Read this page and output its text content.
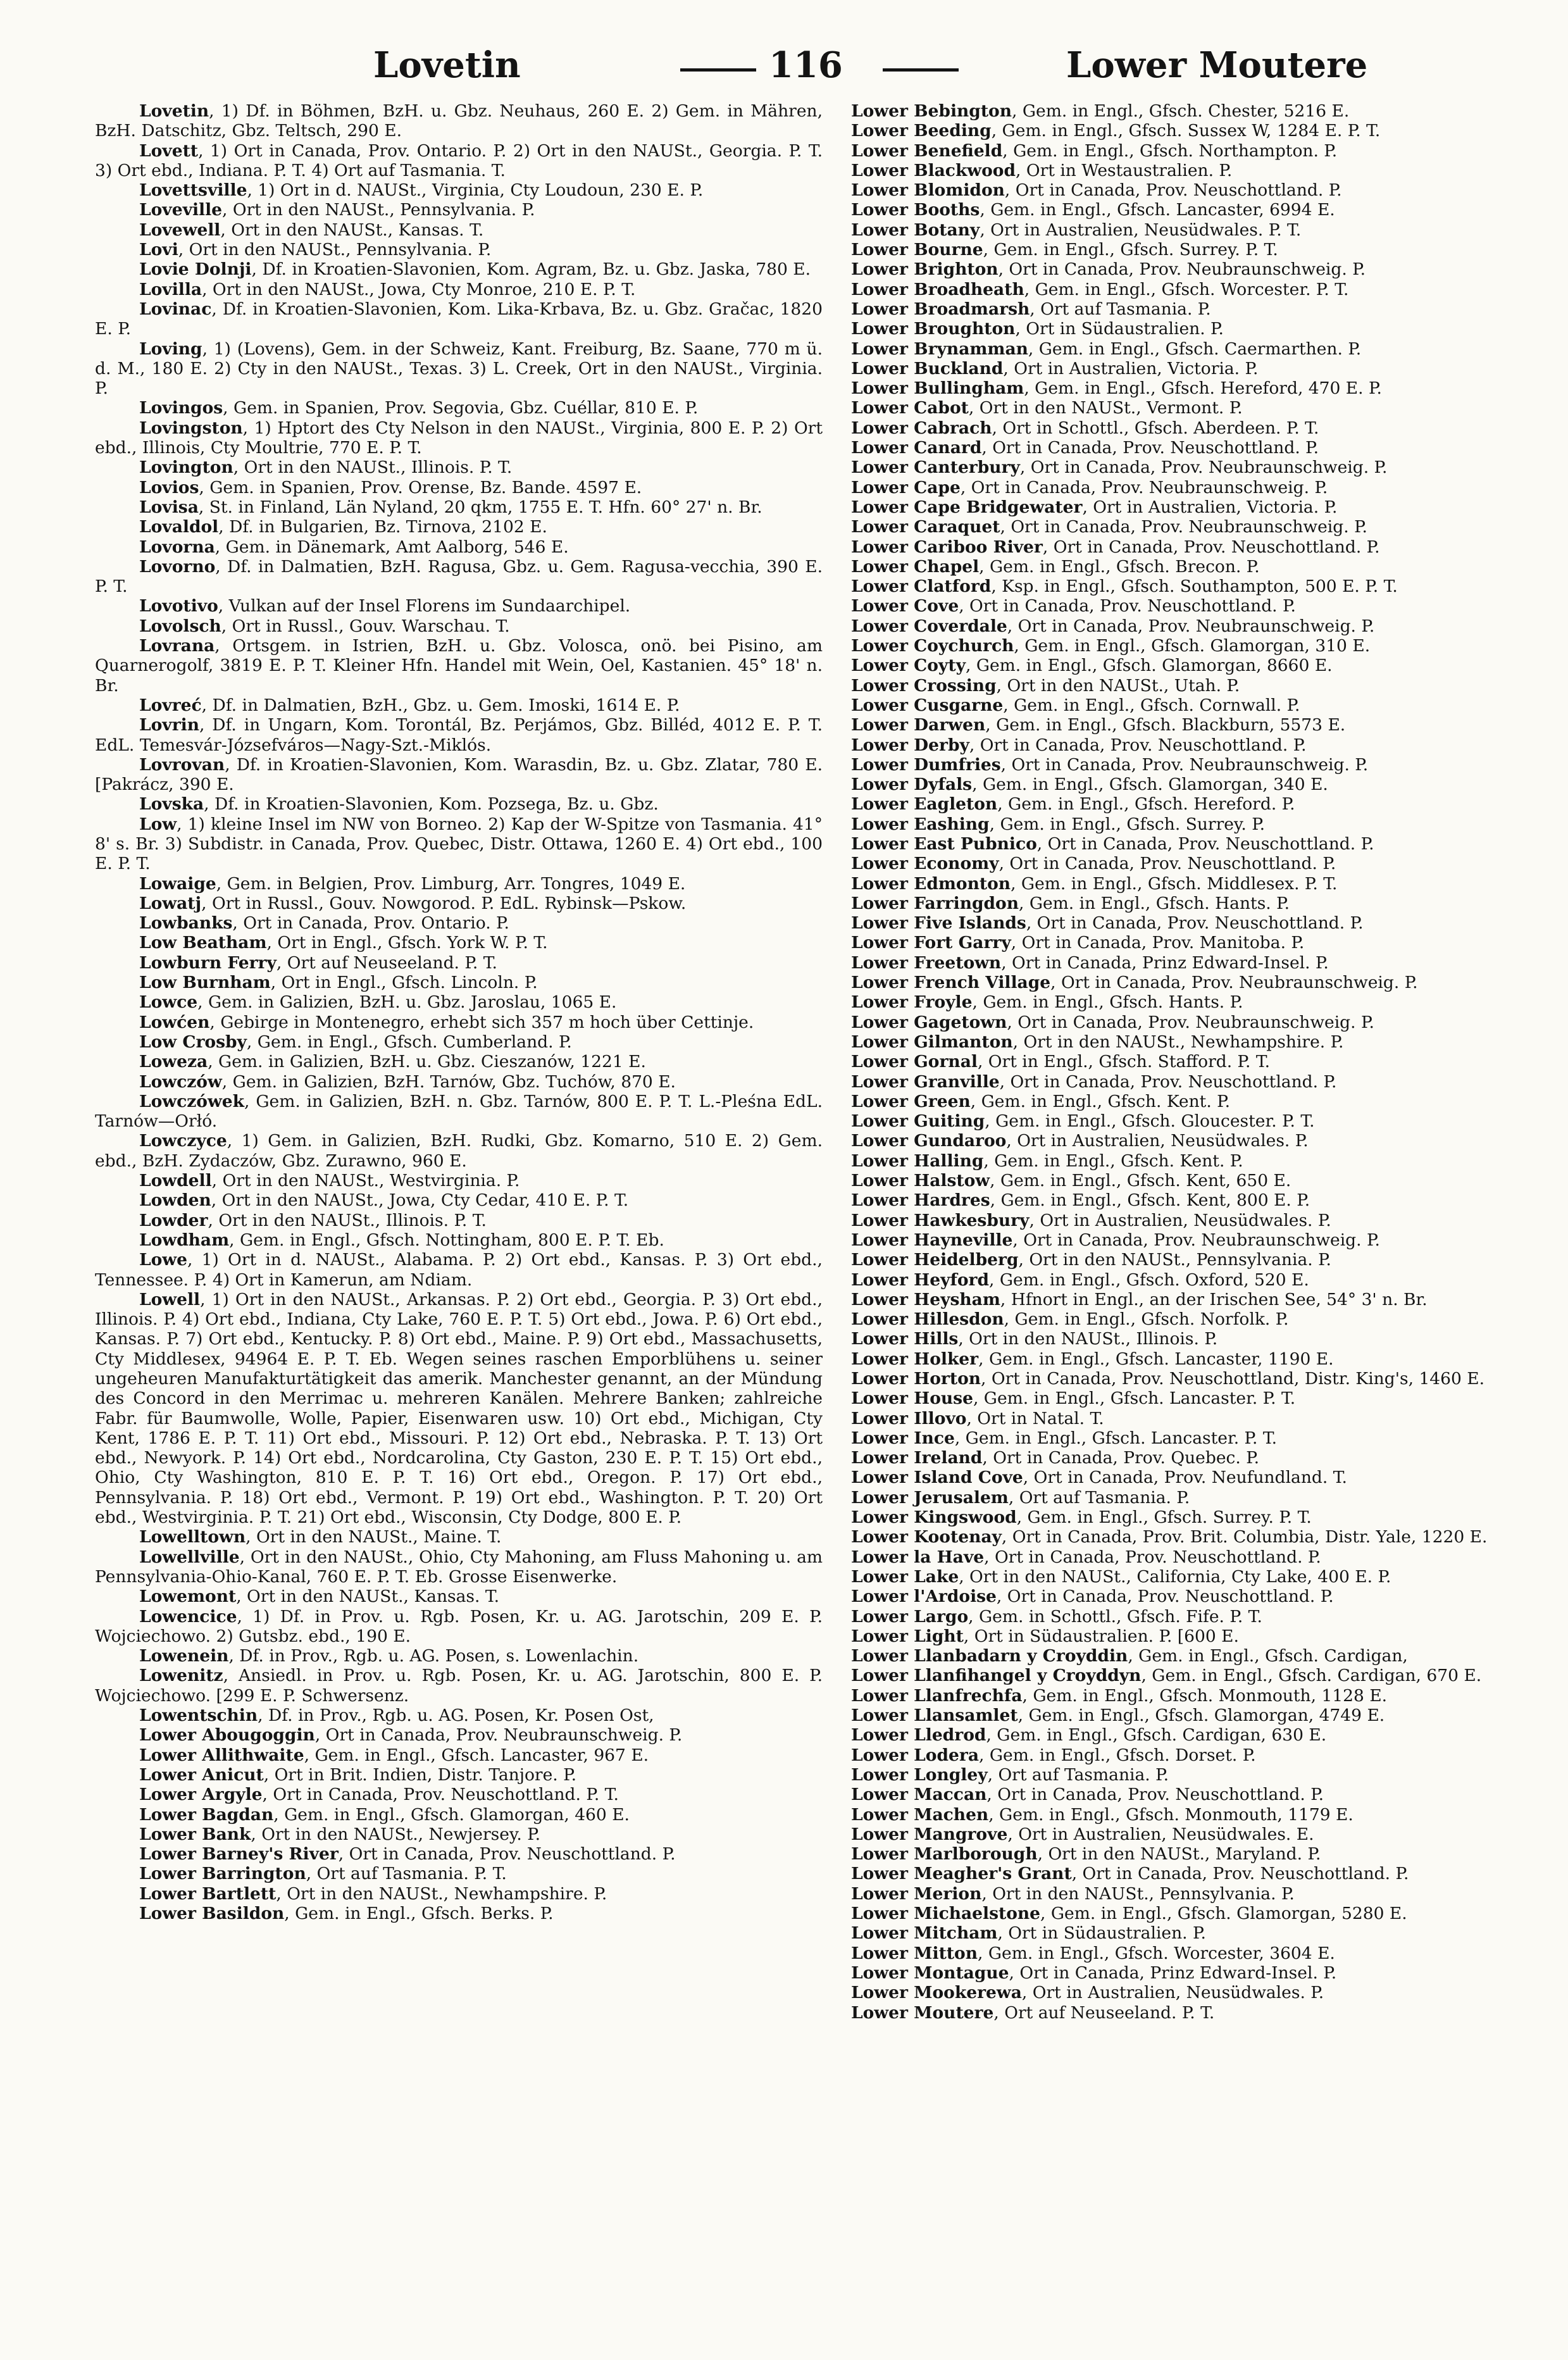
Lovetin	116	Lower Moutere

Lovetin, 1) Df. in Böhmen, BzH. u. Gbz. Neuhaus, 260 E. 2) Gem. in Mähren, BzH. Datschitz, Gbz. Teltsch, 290 E.

Lovett, 1) Ort in Canada, Prov. Ontario. P. 2) Ort in den NAUSt., Georgia. P. T. 3) Ort ebd., Indiana. P. T. 4) Ort auf Tasmania. T.

Lovettsville, 1) Ort in d. NAUSt., Virginia, Cty Loudoun, 230 E. P.

Loveville, Ort in den NAUSt., Pennsylvania. P.

Lovewell, Ort in den NAUSt., Kansas. T.

Lovi, Ort in den NAUSt., Pennsylvania. P.

Lovie Dolnji, Df. in Kroatien-Slavonien, Kom. Agram, Bz. u. Gbz. Jaska, 780 E.

Lovilla, Ort in den NAUSt., Jowa, Cty Monroe, 210 E. P. T.

Lovinac, Df. in Kroatien-Slavonien, Kom. Lika-Krbava, Bz. u. Gbz. Gračac, 1820 E. P.

Loving, 1) (Lovens), Gem. in der Schweiz, Kant. Freiburg, Bz. Saane, 770 m ü. d. M., 180 E. 2) Cty in den NAUSt., Texas. 3) L. Creek, Ort in den NAUSt., Virginia. P.

Lovingos, Gem. in Spanien, Prov. Segovia, Gbz. Cuéllar, 810 E. P.

Lovingston, 1) Hptort des Cty Nelson in den NAUSt., Virginia, 800 E. P. 2) Ort ebd., Illinois, Cty Moultrie, 770 E. P. T.

Lovington, Ort in den NAUSt., Illinois. P. T.

Lovios, Gem. in Spanien, Prov. Orense, Bz. Bande. 4597 E.

Lovisa, St. in Finland, Län Nyland, 20 qkm, 1755 E. T. Hfn. 60° 27' n. Br.

Lovaldol, Df. in Bulgarien, Bz. Tirnova, 2102 E.

Lovorna, Gem. in Dänemark, Amt Aalborg, 546 E.

Lovorno, Df. in Dalmatien, BzH. Ragusa, Gbz. u. Gem. Ragusa-vecchia, 390 E. P. T.

Lovotivo, Vulkan auf der Insel Florens im Sundaarchipel.

Lovolsch, Ort in Russl., Gouv. Warschau. T.

Lovrana, Ortsgem. in Istrien, BzH. u. Gbz. Volosca, onö. bei Pisino, am Quarnerogolf, 3819 E. P. T. Kleiner Hfn. Handel mit Wein, Oel, Kastanien. 45° 18' n. Br.

Lovreć, Df. in Dalmatien, BzH., Gbz. u. Gem. Imoski, 1614 E. P.

Lovrin, Df. in Ungarn, Kom. Torontál, Bz. Perjámos, Gbz. Billéd, 4012 E. P. T. EdL. Temesvár-Józsefváros—Nagy-Szt.-Miklós.

Lovrovan, Df. in Kroatien-Slavonien, Kom. Warasdin, Bz. u. Gbz. Zlatar, 780 E. [Pakrácz, 390 E.

Lovska, Df. in Kroatien-Slavonien, Kom. Pozsega, Bz. u. Gbz.

Low, 1) kleine Insel im NW von Borneo. 2) Kap der W-Spitze von Tasmania. 41° 8' s. Br. 3) Subdistr. in Canada, Prov. Quebec, Distr. Ottawa, 1260 E. 4) Ort ebd., 100 E. P. T.

Lowaige, Gem. in Belgien, Prov. Limburg, Arr. Tongres, 1049 E.

Lowatj, Ort in Russl., Gouv. Nowgorod. P. EdL. Rybinsk—Pskow.

Lowbanks, Ort in Canada, Prov. Ontario. P.

Low Beatham, Ort in Engl., Gfsch. York W. P. T.

Lowburn Ferry, Ort auf Neuseeland. P. T.

Low Burnham, Ort in Engl., Gfsch. Lincoln. P.

Lowce, Gem. in Galizien, BzH. u. Gbz. Jaroslau, 1065 E.

Lowćen, Gebirge in Montenegro, erhebt sich 357 m hoch über Cettinje.

Low Crosby, Gem. in Engl., Gfsch. Cumberland. P.

Loweza, Gem. in Galizien, BzH. u. Gbz. Cieszanów, 1221 E.

Lowczów, Gem. in Galizien, BzH. Tarnów, Gbz. Tuchów, 870 E.

Lowczówek, Gem. in Galizien, BzH. n. Gbz. Tarnów, 800 E. P. T. L.-Pleśna EdL. Tarnów—Orłó.

Lowczyce, 1) Gem. in Galizien, BzH. Rudki, Gbz. Komarno, 510 E. 2) Gem. ebd., BzH. Zydaczów, Gbz. Zurawno, 960 E.

Lowdell, Ort in den NAUSt., Westvirginia. P.

Lowden, Ort in den NAUSt., Jowa, Cty Cedar, 410 E. P. T.

Lowder, Ort in den NAUSt., Illinois. P. T.

Lowdham, Gem. in Engl., Gfsch. Nottingham, 800 E. P. T. Eb.

Lowe, 1) Ort in d. NAUSt., Alabama. P. 2) Ort ebd., Kansas. P. 3) Ort ebd., Tennessee. P. 4) Ort in Kamerun, am Ndiam.

Lowell, 1) Ort in den NAUSt., Arkansas. P. 2) Ort ebd., Georgia. P. 3) Ort ebd., Illinois. P. 4) Ort ebd., Indiana, Cty Lake, 760 E. P. T. 5) Ort ebd., Jowa. P. 6) Ort ebd., Kansas. P. 7) Ort ebd., Kentucky. P. 8) Ort ebd., Maine. P. 9) Ort ebd., Massachusetts, Cty Middlesex, 94964 E. P. T. Eb. Wegen seines raschen Emporblühens u. seiner ungeheuren Manufakturtätigkeit das amerik. Manchester genannt, an der Mündung des Concord in den Merrimac u. mehreren Kanälen. Mehrere Banken; zahlreiche Fabr. für Baumwolle, Wolle, Papier, Eisenwaren usw. 10) Ort ebd., Michigan, Cty Kent, 1786 E. P. T. 11) Ort ebd., Missouri. P. 12) Ort ebd., Nebraska. P. T. 13) Ort ebd., Newyork. P. 14) Ort ebd., Nordcarolina, Cty Gaston, 230 E. P. T. 15) Ort ebd., Ohio, Cty Washington, 810 E. P. T. 16) Ort ebd., Oregon. P. 17) Ort ebd., Pennsylvania. P. 18) Ort ebd., Vermont. P. 19) Ort ebd., Washington. P. T. 20) Ort ebd., Westvirginia. P. T. 21) Ort ebd., Wisconsin, Cty Dodge, 800 E. P.

Lowelltown, Ort in den NAUSt., Maine. T.

Lowellville, Ort in den NAUSt., Ohio, Cty Mahoning, am Fluss Mahoning u. am Pennsylvania-Ohio-Kanal, 760 E. P. T. Eb. Grosse Eisenwerke.

Lowemont, Ort in den NAUSt., Kansas. T.

Lowencice, 1) Df. in Prov. u. Rgb. Posen, Kr. u. AG. Jarotschin, 209 E. P. Wojciechowo. 2) Gutsbz. ebd., 190 E.

Lowenein, Df. in Prov., Rgb. u. AG. Posen, s. Lowenlachin.

Lowenitz, Ansiedl. in Prov. u. Rgb. Posen, Kr. u. AG. Jarotschin, 800 E. P. Wojciechowo. [299 E. P. Schwersenz.

Lowentschin, Df. in Prov., Rgb. u. AG. Posen, Kr. Posen Ost,

Lower Abougoggin, Ort in Canada, Prov. Neubraunschweig. P.

Lower Allithwaite, Gem. in Engl., Gfsch. Lancaster, 967 E.

Lower Anicut, Ort in Brit. Indien, Distr. Tanjore. P.

Lower Argyle, Ort in Canada, Prov. Neuschottland. P. T.

Lower Bagdan, Gem. in Engl., Gfsch. Glamorgan, 460 E.

Lower Bank, Ort in den NAUSt., Newjersey. P.

Lower Barney's River, Ort in Canada, Prov. Neuschottland. P.

Lower Barrington, Ort auf Tasmania. P. T.

Lower Bartlett, Ort in den NAUSt., Newhampshire. P.

Lower Basildon, Gem. in Engl., Gfsch. Berks. P.

Lower Bebington, Gem. in Engl., Gfsch. Chester, 5216 E.

Lower Beeding, Gem. in Engl., Gfsch. Sussex W, 1284 E. P. T.

Lower Benefield, Gem. in Engl., Gfsch. Northampton. P.

Lower Blackwood, Ort in Westaustralien. P.

Lower Blomidon, Ort in Canada, Prov. Neuschottland. P.

Lower Booths, Gem. in Engl., Gfsch. Lancaster, 6994 E.

Lower Botany, Ort in Australien, Neusüdwales. P. T.

Lower Bourne, Gem. in Engl., Gfsch. Surrey. P. T.

Lower Brighton, Ort in Canada, Prov. Neubraunschweig. P.

Lower Broadheath, Gem. in Engl., Gfsch. Worcester. P. T.

Lower Broadmarsh, Ort auf Tasmania. P.

Lower Broughton, Ort in Südaustralien. P.

Lower Brynamman, Gem. in Engl., Gfsch. Caermarthen. P.

Lower Buckland, Ort in Australien, Victoria. P.

Lower Bullingham, Gem. in Engl., Gfsch. Hereford, 470 E. P.

Lower Cabot, Ort in den NAUSt., Vermont. P.

Lower Cabrach, Ort in Schottl., Gfsch. Aberdeen. P. T.

Lower Canard, Ort in Canada, Prov. Neuschottland. P.

Lower Canterbury, Ort in Canada, Prov. Neubraunschweig. P.

Lower Cape, Ort in Canada, Prov. Neubraunschweig. P.

Lower Cape Bridgewater, Ort in Australien, Victoria. P.

Lower Caraquet, Ort in Canada, Prov. Neubraunschweig. P.

Lower Cariboo River, Ort in Canada, Prov. Neuschottland. P.

Lower Chapel, Gem. in Engl., Gfsch. Brecon. P.

Lower Clatford, Ksp. in Engl., Gfsch. Southampton, 500 E. P. T.

Lower Cove, Ort in Canada, Prov. Neuschottland. P.

Lower Coverdale, Ort in Canada, Prov. Neubraunschweig. P.

Lower Coychurch, Gem. in Engl., Gfsch. Glamorgan, 310 E.

Lower Coyty, Gem. in Engl., Gfsch. Glamorgan, 8660 E.

Lower Crossing, Ort in den NAUSt., Utah. P.

Lower Cusgarne, Gem. in Engl., Gfsch. Cornwall. P.

Lower Darwen, Gem. in Engl., Gfsch. Blackburn, 5573 E.

Lower Derby, Ort in Canada, Prov. Neuschottland. P.

Lower Dumfries, Ort in Canada, Prov. Neubraunschweig. P.

Lower Dyfals, Gem. in Engl., Gfsch. Glamorgan, 340 E.

Lower Eagleton, Gem. in Engl., Gfsch. Hereford. P.

Lower Eashing, Gem. in Engl., Gfsch. Surrey. P.

Lower East Pubnico, Ort in Canada, Prov. Neuschottland. P.

Lower Economy, Ort in Canada, Prov. Neuschottland. P.

Lower Edmonton, Gem. in Engl., Gfsch. Middlesex. P. T.

Lower Farringdon, Gem. in Engl., Gfsch. Hants. P.

Lower Five Islands, Ort in Canada, Prov. Neuschottland. P.

Lower Fort Garry, Ort in Canada, Prov. Manitoba. P.

Lower Freetown, Ort in Canada, Prinz Edward-Insel. P.

Lower French Village, Ort in Canada, Prov. Neubraunschweig. P.

Lower Froyle, Gem. in Engl., Gfsch. Hants. P.

Lower Gagetown, Ort in Canada, Prov. Neubraunschweig. P.

Lower Gilmanton, Ort in den NAUSt., Newhampshire. P.

Lower Gornal, Ort in Engl., Gfsch. Stafford. P. T.

Lower Granville, Ort in Canada, Prov. Neuschottland. P.

Lower Green, Gem. in Engl., Gfsch. Kent. P.

Lower Guiting, Gem. in Engl., Gfsch. Gloucester. P. T.

Lower Gundaroo, Ort in Australien, Neusüdwales. P.

Lower Halling, Gem. in Engl., Gfsch. Kent. P.

Lower Halstow, Gem. in Engl., Gfsch. Kent, 650 E.

Lower Hardres, Gem. in Engl., Gfsch. Kent, 800 E. P.

Lower Hawkesbury, Ort in Australien, Neusüdwales. P.

Lower Hayneville, Ort in Canada, Prov. Neubraunschweig. P.

Lower Heidelberg, Ort in den NAUSt., Pennsylvania. P.

Lower Heyford, Gem. in Engl., Gfsch. Oxford, 520 E.

Lower Heysham, Hfnort in Engl., an der Irischen See, 54° 3' n. Br.

Lower Hillesdon, Gem. in Engl., Gfsch. Norfolk. P.

Lower Hills, Ort in den NAUSt., Illinois. P.

Lower Holker, Gem. in Engl., Gfsch. Lancaster, 1190 E.

Lower Horton, Ort in Canada, Prov. Neuschottland, Distr. King's, 1460 E.

Lower House, Gem. in Engl., Gfsch. Lancaster. P. T.

Lower Illovo, Ort in Natal. T.

Lower Ince, Gem. in Engl., Gfsch. Lancaster. P. T.

Lower Ireland, Ort in Canada, Prov. Quebec. P.

Lower Island Cove, Ort in Canada, Prov. Neufundland. T.

Lower Jerusalem, Ort auf Tasmania. P.

Lower Kingswood, Gem. in Engl., Gfsch. Surrey. P. T.

Lower Kootenay, Ort in Canada, Prov. Brit. Columbia, Distr. Yale, 1220 E.

Lower la Have, Ort in Canada, Prov. Neuschottland. P.

Lower Lake, Ort in den NAUSt., California, Cty Lake, 400 E. P.

Lower l'Ardoise, Ort in Canada, Prov. Neuschottland. P.

Lower Largo, Gem. in Schottl., Gfsch. Fife. P. T.

Lower Light, Ort in Südaustralien. P. [600 E.

Lower Llanbadarn y Croyddin, Gem. in Engl., Gfsch. Cardigan,

Lower Llanfihangel y Croyddyn, Gem. in Engl., Gfsch. Cardigan, 670 E.

Lower Llanfrechfa, Gem. in Engl., Gfsch. Monmouth, 1128 E.

Lower Llansamlet, Gem. in Engl., Gfsch. Glamorgan, 4749 E.

Lower Lledrod, Gem. in Engl., Gfsch. Cardigan, 630 E.

Lower Lodera, Gem. in Engl., Gfsch. Dorset. P.

Lower Longley, Ort auf Tasmania. P.

Lower Maccan, Ort in Canada, Prov. Neuschottland. P.

Lower Machen, Gem. in Engl., Gfsch. Monmouth, 1179 E.

Lower Mangrove, Ort in Australien, Neusüdwales. E.

Lower Marlborough, Ort in den NAUSt., Maryland. P.

Lower Meagher's Grant, Ort in Canada, Prov. Neuschottland. P.

Lower Merion, Ort in den NAUSt., Pennsylvania. P.

Lower Michaelstone, Gem. in Engl., Gfsch. Glamorgan, 5280 E.

Lower Mitcham, Ort in Südaustralien. P.

Lower Mitton, Gem. in Engl., Gfsch. Worcester, 3604 E.

Lower Montague, Ort in Canada, Prinz Edward-Insel. P.

Lower Mookerewa, Ort in Australien, Neusüdwales. P.

Lower Moutere, Ort auf Neuseeland. P. T.
